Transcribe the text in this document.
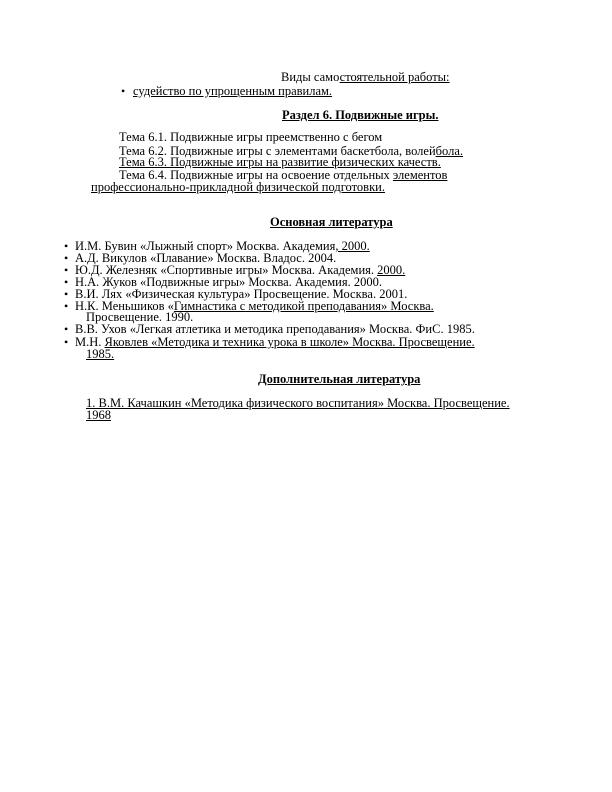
Виды самостоятельной работы:
• судейство по упрощенным правилам.
Раздел 6. Подвижные игры.
Тема 6.1. Подвижные игры преемственно с бегом
Тема 6.2. Подвижные игры с элементами баскетбола, волейбола.
Тема 6.3. Подвижные игры на развитие физических качеств.
Тема 6.4. Подвижные игры на освоение отдельных элементов
профессионально-прикладной физической подготовки.
Основная литература
• И.М. Бувин «Лыжный спорт» Москва. Академия, 2000.
• А.Д. Викулов «Плавание» Москва. Владос. 2004.
• Ю.Д. Железняк «Спортивные игры» Москва. Академия. 2000.
• Н.А. Жуков «Подвижные игры» Москва. Академия. 2000.
• В.И. Лях «Физическая культура» Просвещение. Москва. 2001.
• Н.К. Меньшиков «Гимнастика с методикой преподавания» Москва.
Просвещение. 1990.
• В.В. Ухов «Легкая атлетика и методика преподавания» Москва. ФиС. 1985.
• М.Н. Яковлев «Методика и техника урока в школе» Москва. Просвещение.
1985.
Дополнительная литература
1. В.М. Качашкин «Методика физического воспитания» Москва. Просвещение.
1968
